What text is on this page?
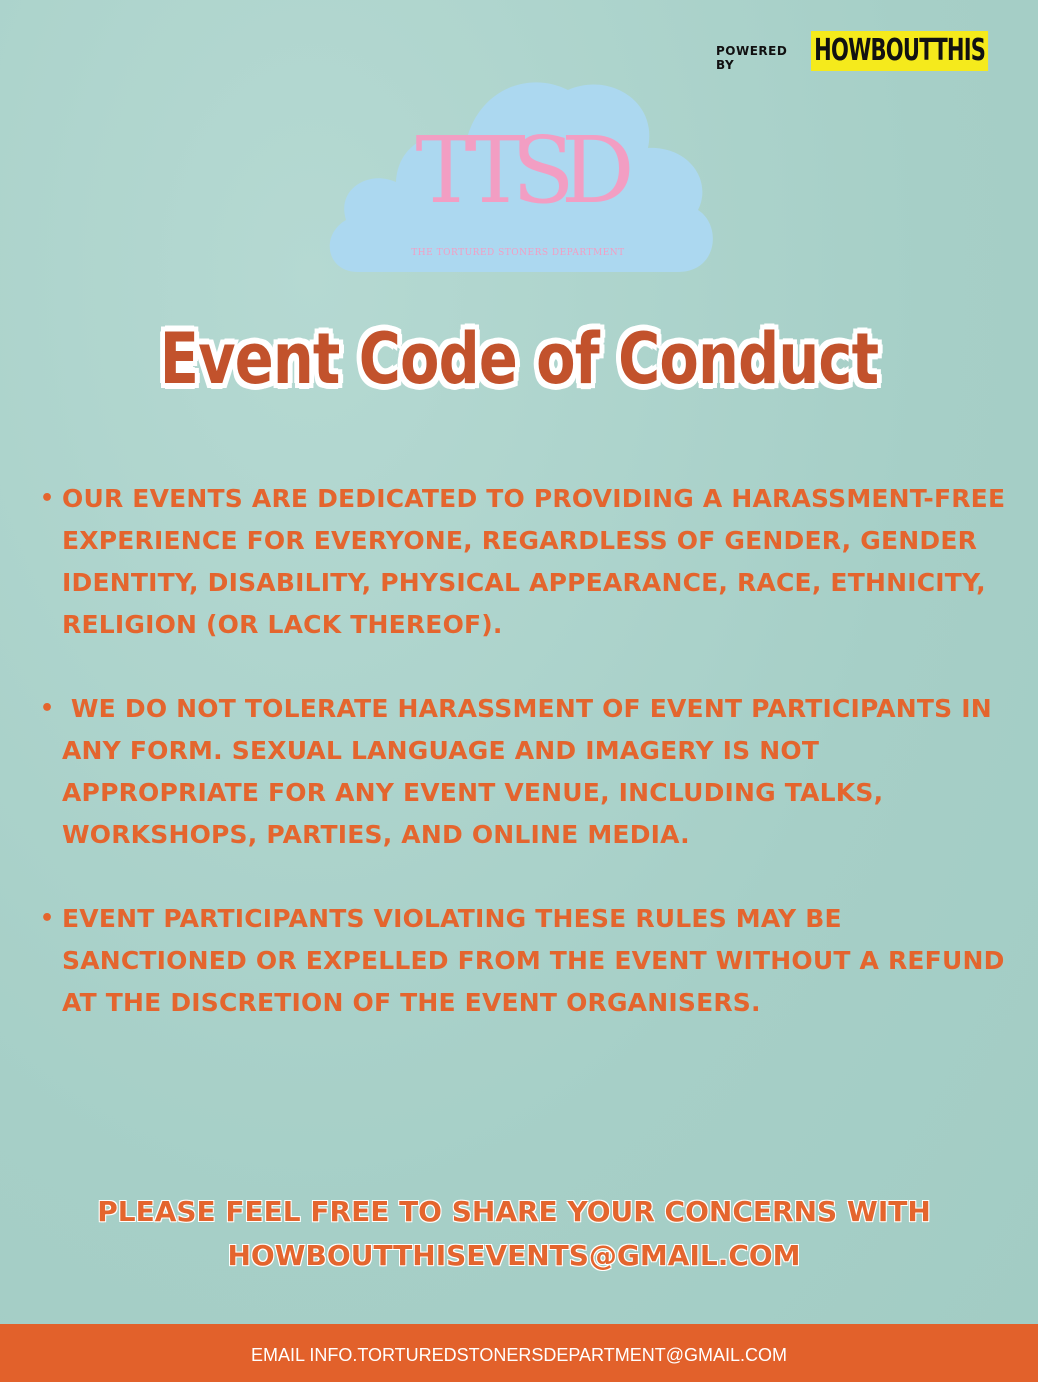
POWERED BY	HOWBOUTTHIS
TTSD
THE TORTURED STONERS DEPARTMENT
Event Code of Conduct
• OUR EVENTS ARE DEDICATED TO PROVIDING A HARASSMENT-FREE EXPERIENCE FOR EVERYONE, REGARDLESS OF GENDER, GENDER IDENTITY, DISABILITY, PHYSICAL APPEARANCE, RACE, ETHNICITY, RELIGION (OR LACK THEREOF).
• WE DO NOT TOLERATE HARASSMENT OF EVENT PARTICIPANTS IN ANY FORM. SEXUAL LANGUAGE AND IMAGERY IS NOT APPROPRIATE FOR ANY EVENT VENUE, INCLUDING TALKS, WORKSHOPS, PARTIES, AND ONLINE MEDIA.
• EVENT PARTICIPANTS VIOLATING THESE RULES MAY BE SANCTIONED OR EXPELLED FROM THE EVENT WITHOUT A REFUND AT THE DISCRETION OF THE EVENT ORGANISERS.
PLEASE FEEL FREE TO SHARE YOUR CONCERNS WITH
HOWBOUTTHISEVENTS@GMAIL.COM
EMAIL INFO.TORTUREDSTONERSDEPARTMENT@GMAIL.COM
